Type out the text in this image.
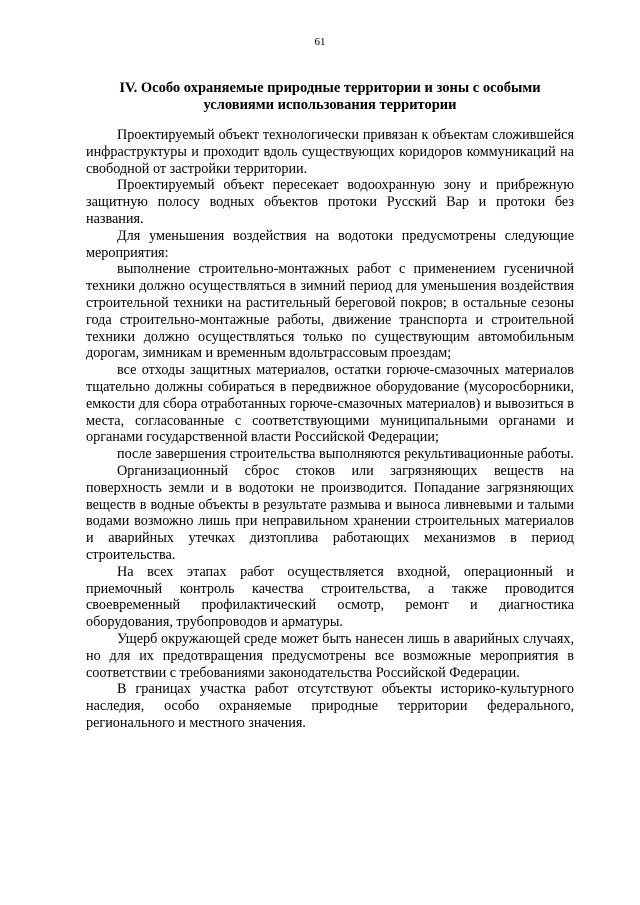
61
IV. Особо охраняемые природные территории и зоны с особыми условиями использования территории

Проектируемый объект технологически привязан к объектам сложившейся инфраструктуры и проходит вдоль существующих коридоров коммуникаций на свободной от застройки территории.

Проектируемый объект пересекает водоохранную зону и прибрежную защитную полосу водных объектов протоки Русский Вар и протоки без названия.

Для уменьшения воздействия на водотоки предусмотрены следующие мероприятия:

выполнение строительно-монтажных работ с применением гусеничной техники должно осуществляться в зимний период для уменьшения воздействия строительной техники на растительный береговой покров; в остальные сезоны года строительно-монтажные работы, движение транспорта и строительной техники должно осуществляться только по существующим автомобильным дорогам, зимникам и временным вдольтрассовым проездам;

все отходы защитных материалов, остатки горюче-смазочных материалов тщательно должны собираться в передвижное оборудование (мусоросборники, емкости для сбора отработанных горюче-смазочных материалов) и вывозиться в места, согласованные с соответствующими муниципальными органами и органами государственной власти Российской Федерации;

после завершения строительства выполняются рекультивационные работы.

Организационный сброс стоков или загрязняющих веществ на поверхность земли и в водотоки не производится. Попадание загрязняющих веществ в водные объекты в результате размыва и выноса ливневыми и талыми водами возможно лишь при неправильном хранении строительных материалов и аварийных утечках дизтоплива работающих механизмов в период строительства.

На всех этапах работ осуществляется входной, операционный и приемочный контроль качества строительства, а также проводится своевременный профилактический осмотр, ремонт и диагностика оборудования, трубопроводов и арматуры.

Ущерб окружающей среде может быть нанесен лишь в аварийных случаях, но для их предотвращения предусмотрены все возможные мероприятия в соответствии с требованиями законодательства Российской Федерации.

В границах участка работ отсутствуют объекты историко-культурного наследия, особо охраняемые природные территории федерального, регионального и местного значения.
